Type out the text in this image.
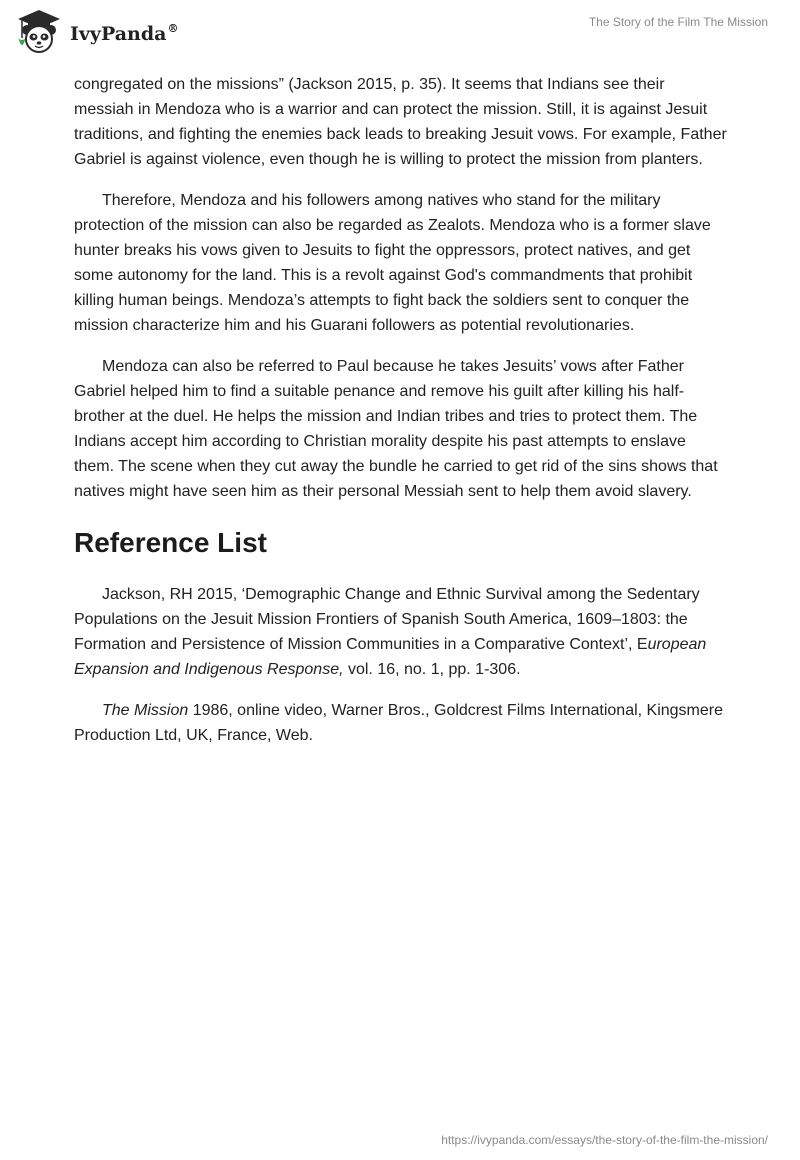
IvyPanda®	The Story of the Film The Mission

congregated on the missions” (Jackson 2015, p. 35). It seems that Indians see their messiah in Mendoza who is a warrior and can protect the mission. Still, it is against Jesuit traditions, and fighting the enemies back leads to breaking Jesuit vows. For example, Father Gabriel is against violence, even though he is willing to protect the mission from planters.

Therefore, Mendoza and his followers among natives who stand for the military protection of the mission can also be regarded as Zealots. Mendoza who is a former slave hunter breaks his vows given to Jesuits to fight the oppressors, protect natives, and get some autonomy for the land. This is a revolt against God's commandments that prohibit killing human beings. Mendoza’s attempts to fight back the soldiers sent to conquer the mission characterize him and his Guarani followers as potential revolutionaries.

Mendoza can also be referred to Paul because he takes Jesuits’ vows after Father Gabriel helped him to find a suitable penance and remove his guilt after killing his half-brother at the duel. He helps the mission and Indian tribes and tries to protect them. The Indians accept him according to Christian morality despite his past attempts to enslave them. The scene when they cut away the bundle he carried to get rid of the sins shows that natives might have seen him as their personal Messiah sent to help them avoid slavery.

Reference List

Jackson, RH 2015, ‘Demographic Change and Ethnic Survival among the Sedentary Populations on the Jesuit Mission Frontiers of Spanish South America, 1609–1803: the Formation and Persistence of Mission Communities in a Comparative Context’, European Expansion and Indigenous Response, vol. 16, no. 1, pp. 1-306.

The Mission 1986, online video, Warner Bros., Goldcrest Films International, Kingsmere Production Ltd, UK, France, Web.

https://ivypanda.com/essays/the-story-of-the-film-the-mission/
